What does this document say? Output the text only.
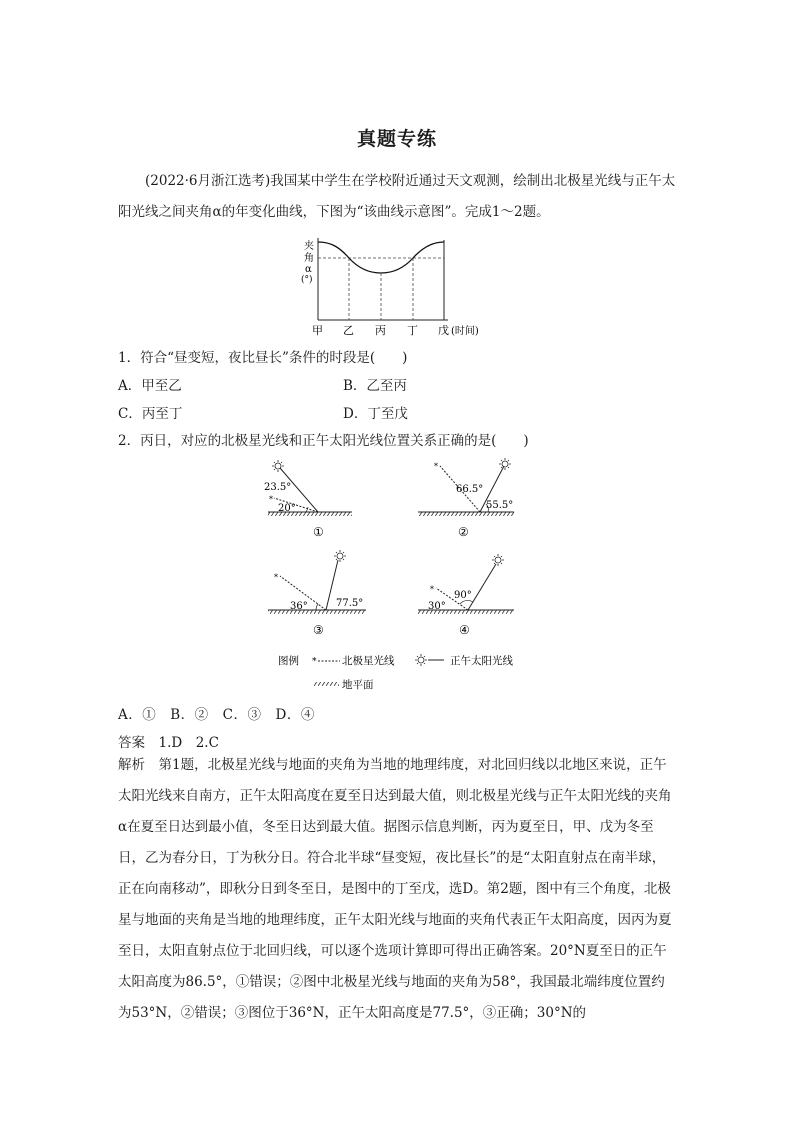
真题专练

(2022·6月浙江选考)我国某中学生在学校附近通过天文观测，绘制出北极星光线与正午太阳光线之间夹角α的年变化曲线，下图为“该曲线示意图”。完成1～2题。

夹
角
α
(°)
甲 乙 丙 丁 戊 (时间)
1．符合“昼变短，夜比昼长”条件的时段是(　　)
A．甲至乙	B．乙至丙
C．丙至丁	D．丁至戊
2．丙日，对应的北极星光线和正午太阳光线位置关系正确的是(　　)
*
23.5°
20°
①
*
66.5°
55.5°
②
*
36°	77.5°
③
*
30°
90°
④
图例 * 北极星光线	正午太阳光线
地平面
A．①　B．②　C．③　D．④
答案　1.D　2.C

解析　第1题，北极星光线与地面的夹角为当地的地理纬度，对北回归线以北地区来说，正午太阳光线来自南方，正午太阳高度在夏至日达到最大值，则北极星光线与正午太阳光线的夹角α在夏至日达到最小值，冬至日达到最大值。据图示信息判断，丙为夏至日，甲、戊为冬至日，乙为春分日，丁为秋分日。符合北半球“昼变短，夜比昼长”的是“太阳直射点在南半球，正在向南移动”，即秋分日到冬至日，是图中的丁至戊，选D。第2题，图中有三个角度，北极星与地面的夹角是当地的地理纬度，正午太阳光线与地面的夹角代表正午太阳高度，因丙为夏至日，太阳直射点位于北回归线，可以逐个选项计算即可得出正确答案。20°N夏至日的正午太阳高度为86.5°，①错误；②图中北极星光线与地面的夹角为58°，我国最北端纬度位置约为53°N，②错误；③图位于36°N，正午太阳高度是77.5°，③正确；30°N的
